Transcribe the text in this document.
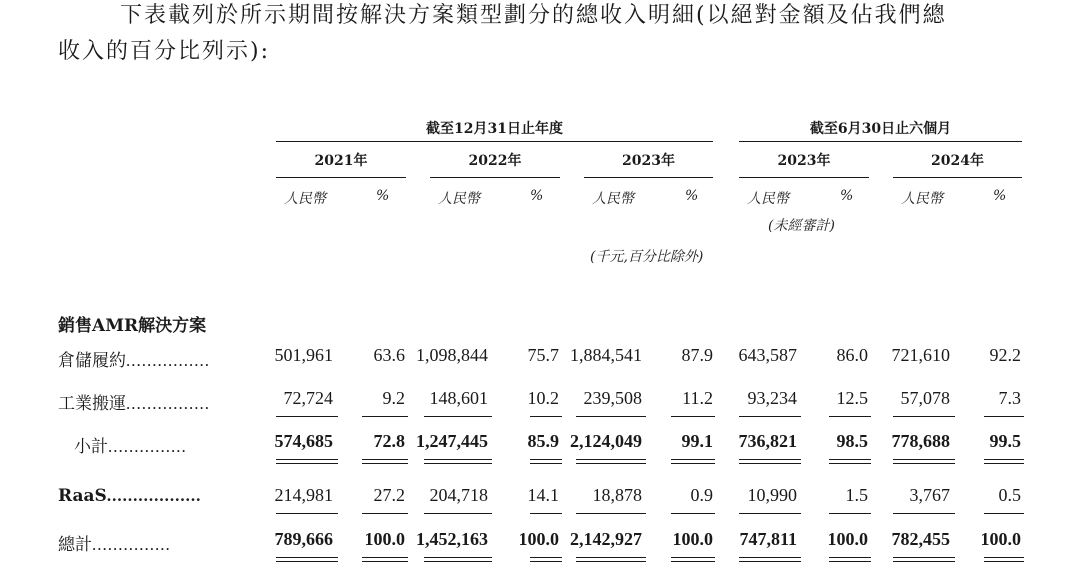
下表載列於所示期間按解決方案類型劃分的總收入明細(以絕對金額及佔我們總
收入的百分比列示):
截至12月31日止年度	截至6月30日止六個月
2021年	2022年	2023年	2023年	2024年
人民幣	%	人民幣	%	人民幣	%	人民幣	%	人民幣	%
(未經審計)
(千元,百分比除外)
銷售AMR解決方案
倉儲履約................	501,961	63.6 1,098,844	75.7 1,884,541	87.9	643,587	86.0	721,610	92.2
工業搬運................	72,724	9.2	148,601	10.2	239,508	11.2	93,234	12.5	57,078	7.3
小計...............	574,685	72.8 1,247,445	85.9 2,124,049	99.1	736,821	98.5	778,688	99.5
RaaS..................	214,981	27.2	204,718	14.1	18,878	0.9	10,990	1.5	3,767	0.5
總計...............	789,666	100.0 1,452,163	100.0 2,142,927	100.0	747,811	100.0	782,455	100.0
